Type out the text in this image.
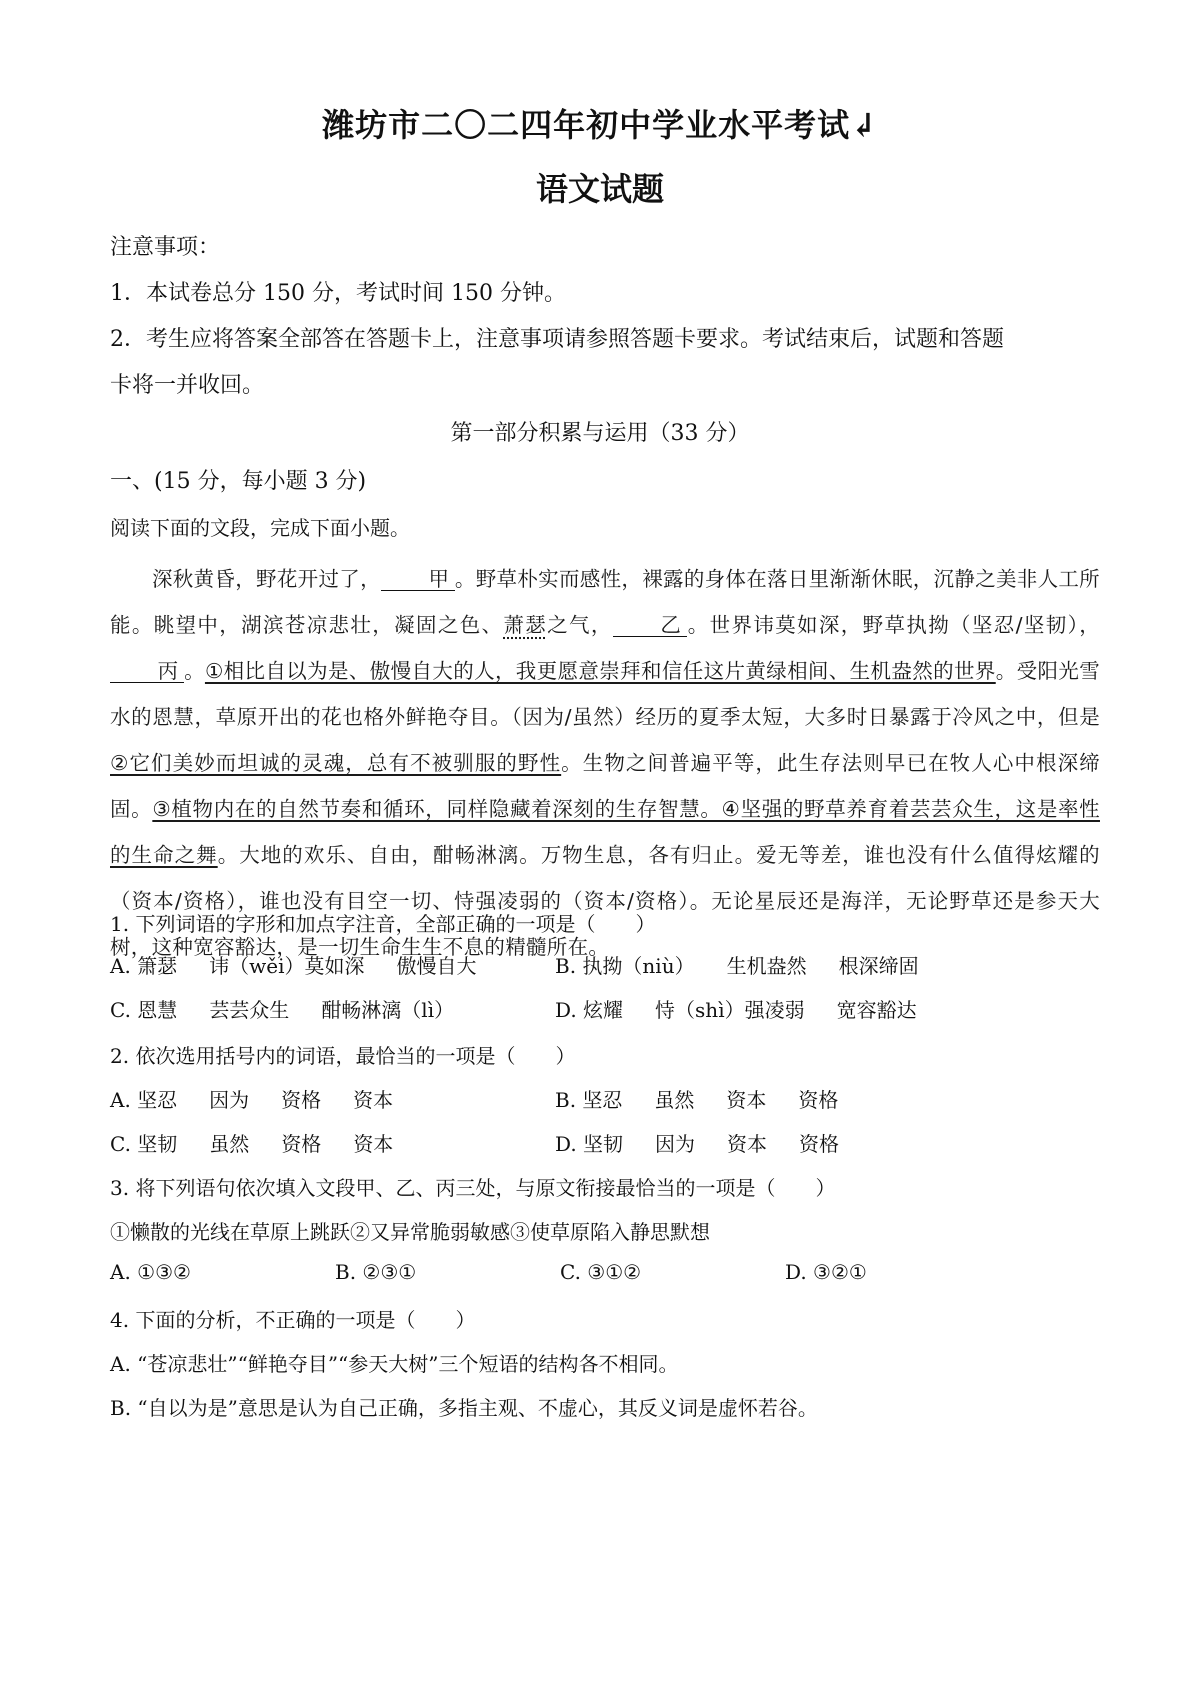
潍坊市二〇二四年初中学业水平考试↲
语文试题
注意事项：
1．本试卷总分 150 分，考试时间 150 分钟。
2．考生应将答案全部答在答题卡上，注意事项请参照答题卡要求。考试结束后，试题和答题
卡将一并收回。
第一部分积累与运用（33 分）
一、(15 分，每小题 3 分)
阅读下面的文段，完成下面小题。

深秋黄昏，野花开过了， 甲 。野草朴实而感性，裸露的身体在落日里渐渐休眠，沉静之美非人工所能。眺望中，湖滨苍凉悲壮，凝固之色、萧瑟之气， 乙 。世界讳莫如深，野草执拗（坚忍/坚韧），丙 。①相比自以为是、傲慢自大的人，我更愿意崇拜和信任这片黄绿相间、生机盎然的世界。受阳光雪水的恩慧，草原开出的花也格外鲜艳夺目。（因为/虽然）经历的夏季太短，大多时日暴露于冷风之中，但是②它们美妙而坦诚的灵魂，总有不被驯服的野性。生物之间普遍平等，此生存法则早已在牧人心中根深缔固。③植物内在的自然节奏和循环，同样隐藏着深刻的生存智慧。④坚强的野草养育着芸芸众生，这是率性的生命之舞。大地的欢乐、自由，酣畅淋漓。万物生息，各有归止。爱无等差，谁也没有什么值得炫耀的（资本/资格），谁也没有目空一切、恃强凌弱的（资本/资格）。无论星辰还是海洋，无论野草还是参天大树，这种宽容豁达，是一切生命生生不息的精髓所在。

1. 下列词语的字形和加点字注音，全部正确的一项是（　　）
A. 箫瑟 讳（wěi）莫如深 傲慢自大	B. 执拗（niù） 生机盎然 根深缔固
C. 恩慧 芸芸众生 酣畅淋漓（lì）	D. 炫耀 恃（shì）强凌弱 宽容豁达
2. 依次选用括号内的词语，最恰当的一项是（　　）
A. 坚忍 因为 资格 资本	B. 坚忍 虽然 资本 资格
C. 坚韧 虽然 资格 资本	D. 坚韧 因为 资本 资格
3. 将下列语句依次填入文段甲、乙、丙三处，与原文衔接最恰当的一项是（　　）
①懒散的光线在草原上跳跃②又异常脆弱敏感③使草原陷入静思默想
A. ①③②	B. ②③①	C. ③①②	D. ③②①
4. 下面的分析，不正确的一项是（　　）
A. “苍凉悲壮”“鲜艳夺目”“参天大树”三个短语的结构各不相同。
B. “自以为是”意思是认为自己正确，多指主观、不虚心，其反义词是虚怀若谷。
